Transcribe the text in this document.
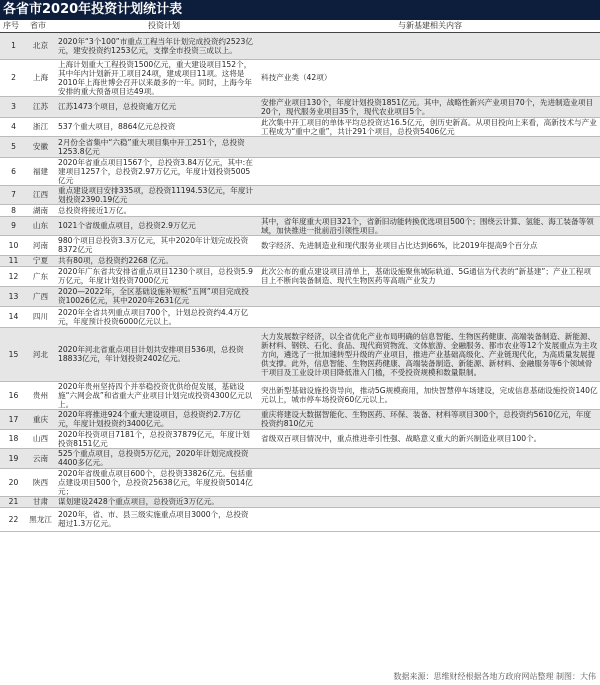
各省市2020年投资计划统计表
序号 省市	投资计划	与新基建相关内容
1	北京	2020年“3个100”市重点工程当年计划完成投资约2523亿元，建安投资约1253亿元，支撑全市投资三成以上。	
2	上海	上海计划重大工程投资1500亿元，重大建设项目152个，其中年内计划新开工项目24项，建成项目11项。这将是2010年上海世博会召开以来最多的一年。同时，上海今年安排的重大预备项目达49项。	科技产业类（42项）
3	江苏	江苏1473个项目，总投资逾万亿元	安排产业项目130个，年度计划投资1851亿元。其中，战略性新兴产业项目70个，先进制造业项目20个，现代服务业项目35个，现代农业项目5个。
4	浙江	537个重大项目，8864亿元总投资	此次集中开工项目的单体平均总投资达16.5亿元，创历史新高。从项目投向上来看，高新技术与产业工程成为“重中之重”，共计291个项目，总投资5406亿元
5	安徽	2月份全省集中“六稳”重大项目集中开工251个，总投资1253.8亿元	
6	福建	2020年省重点项目1567个，总投资3.84万亿元，其中:在建项目1257个，总投资2.97万亿元，年度计划投资5005亿元	
7	江西	重点建设项目安排335项，总投资11194.53亿元，年度计划投资2390.19亿元	
8	湖南	总投资将接近1万亿。	
9	山东	1021个省级重点项目，总投资2.9万亿元	其中，省年度重大项目321个，省新旧动能转换优选项目500个；围绕云计算、氢能、海工装备等领域，加快推进一批前沿引领性项目。
10	河南	980个项目总投资3.3万亿元，其中2020年计划完成投资8372亿元	数字经济、先进制造业和现代服务业项目占比达到66%，比2019年提高9个百分点
11	宁夏	共有80项，总投资约2268 亿元。	
12	广东	2020年广东省共安排省重点项目1230个项目，总投资5.9万亿元，年度计划投资7000亿元	此次公布的重点建设项目清单上，基础设施聚焦城际轨道、5G通信为代表的“新基建”；产业工程项目上不断向装备制造、现代生物医药等高端产业发力
13	广西	2020—2022年，全区基础设施补短板“五网”项目完成投资10026亿元，其中2020年2631亿元	
14	四川	2020年全省共列重点项目700个，计划总投资约4.4万亿元，年度预计投资6000亿元以上。	
15	河北	2020年河北省重点项目计划共安排项目536项，总投资18833亿元，年计划投资2402亿元。	大力发展数字经济，以全省优化产业布局明确的信息智能、生物医药健康、高端装备制造、新能源、新材料、钢铁、石化、食品、现代商贸物流、文体旅游、金融服务、都市农业等12个发展重点为主攻方向，遴选了一批加速转型升级的产业项目，推进产业基础高级化、产业链现代化，为高质量发展提供支撑。此外，信息智能、生物医药健康、高端装备制造、新能源、新材料、金融服务等6个领域骨干项目及工业设计项目降低准入门槛，不受投资规模和数量限制。
16	贵州	2020年贵州坚持四个并举稳投资优供给促发展，基础设施“六网会战”和省重大产业项目计划完成投资4300亿元以上。	突出新型基础设施投资导向，推动5G规模商用，加快智慧停车场建设，完成信息基础设施投资140亿元以上，城市停车场投资60亿元以上。
17	重庆	2020年将推进924个重大建设项目，总投资约2.7万亿元，年度计划投资约3400亿元。	重庆将建设大数据智能化、生物医药、环保、装备、材料等项目300个，总投资约5610亿元，年度投资约810亿元
18	山西	2020年投资项目7181个，总投资37879亿元，年度计划投资8151亿元	省级双百项目情况中，重点推进牵引性强、战略意义重大的新兴制造业项目100个。
19	云南	525个重点项目，总投资5万亿元，2020年计划完成投资4400多亿元。	
20	陕西	2020年省级重点项目600个，总投资33826亿元。包括重点建设项目500个，总投资25638亿元，年度投资5014亿元；	
21	甘肃	谋划建设2428个重点项目，总投资近3万亿元。	
22	黑龙江	2020年，省、市、县三级实施重点项目3000个，总投资超过1.3万亿元。	
数据来源：思维财经根据各地方政府网站整理 制图：大伟
